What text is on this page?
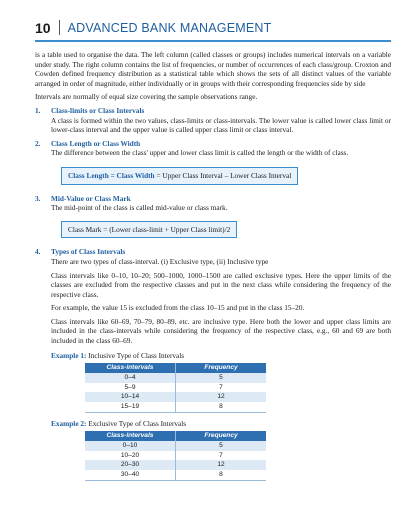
10 ADVANCED BANK MANAGEMENT

is a table used to organise the data. The left column (called classes or groups) includes numerical intervals on a variable under study. The right column contains the list of frequencies, or number of occurrences of each class/group. Croxton and Cowden defined frequency distribution as a statistical table which shows the sets of all distinct values of the variable arranged in order of magnitude, either individually or in groups with their corresponding frequencies side by side

Intervals are normally of equal size covering the sample observations range.

1. Class-limits or Class Intervals

A class is formed within the two values, class-limits or class-intervals. The lower value is called lower class limit or lower-class interval and the upper value is called upper class limit or class interval.

2. Class Length or Class Width

The difference between the class' upper and lower class limit is called the length or the width of class.

Class Length = Class Width = Upper Class Interval – Lower Class Interval
3. Mid-Value or Class Mark

The mid-point of the class is called mid-value or class mark.

Class Mark = (Lower class-limit + Upper Class limit)/2
4. Types of Class Intervals

There are two types of class-interval. (i) Exclusive type, (ii) Inclusive type

Class intervals like 0–10, 10–20; 500–1000, 1000–1500 are called exclusive types. Here the upper limits of the classes are excluded from the respective classes and put in the next class while considering the frequency of the respective class.

For example, the value 15 is excluded from the class 10–15 and put in the class 15–20.

Class intervals like 60–69, 70–79, 80–89, etc. are inclusive type. Here both the lower and upper class limits are included in the class-intervals while considering the frequency of the respective class, e.g., 60 and 69 are both included in the class 60–69.

Example 1: Inclusive Type of Class Intervals
Class-intervals	Frequency
0–4	5
5–9	7
10–14	12
15–19	8
Example 2: Exclusive Type of Class Intervals
Class-intervals	Frequency
0–10	5
10–20	7
20–30	12
30–40	8
